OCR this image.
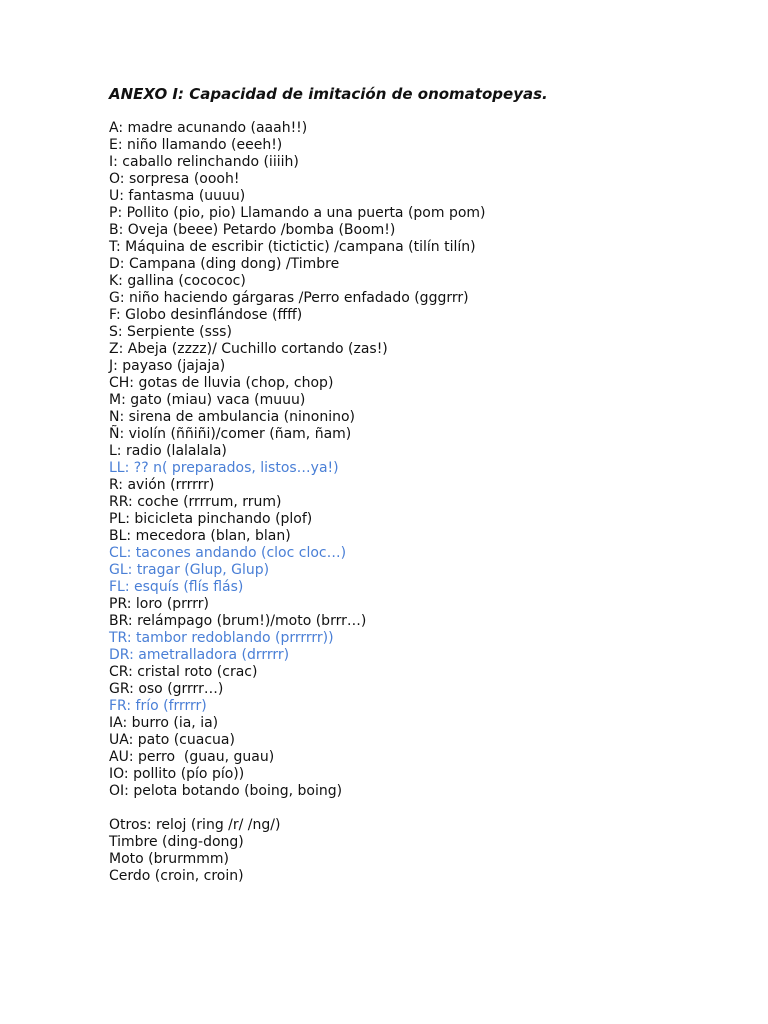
ANEXO I: Capacidad de imitación de onomatopeyas.

A: madre acunando (aaah!!)
E: niño llamando (eeeh!)
I: caballo relinchando (iiiih)
O: sorpresa (oooh!
U: fantasma (uuuu)
P: Pollito (pio, pio) Llamando a una puerta (pom pom)
B: Oveja (beee) Petardo /bomba (Boom!)
T: Máquina de escribir (tictictic) /campana (tilín tilín)
D: Campana (ding dong) /Timbre
K: gallina (cocococ)
G: niño haciendo gárgaras /Perro enfadado (gggrrr)
F: Globo desinflándose (ffff)
S: Serpiente (sss)
Z: Abeja (zzzz)/ Cuchillo cortando (zas!)
J: payaso (jajaja)
CH: gotas de lluvia (chop, chop)
M: gato (miau) vaca (muuu)
N: sirena de ambulancia (ninonino)
Ñ: violín (ññiñi)/comer (ñam, ñam)
L: radio (lalalala)
LL: ?? n( preparados, listos…ya!)
R: avión (rrrrrr)
RR: coche (rrrrum, rrum)
PL: bicicleta pinchando (plof)
BL: mecedora (blan, blan)
CL: tacones andando (cloc cloc…)
GL: tragar (Glup, Glup)
FL: esquís (flís flás)
PR: loro (prrrr)
BR: relámpago (brum!)/moto (brrr…)
TR: tambor redoblando (prrrrrr))
DR: ametralladora (drrrrr)
CR: cristal roto (crac)
GR: oso (grrrr…)
FR: frío (frrrrr)
IA: burro (ia, ia)
UA: pato (cuacua)
AU: perro  (guau, guau)
IO: pollito (pío pío))
OI: pelota botando (boing, boing)
Otros: reloj (ring /r/ /ng/)
Timbre (ding-dong)
Moto (brurmmm)
Cerdo (croin, croin)
